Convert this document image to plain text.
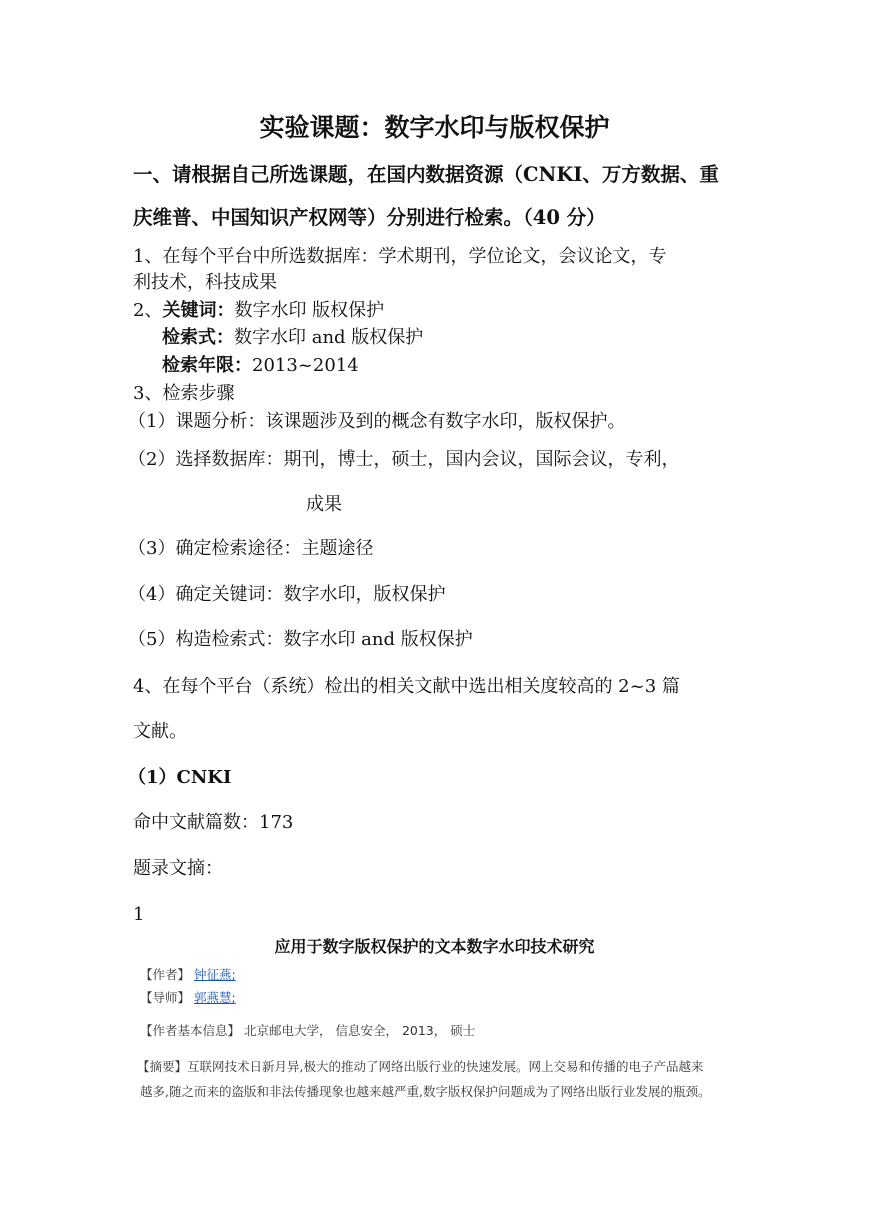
实验课题：数字水印与版权保护
一、请根据自己所选课题，在国内数据资源（CNKI、万方数据、重
庆维普、中国知识产权网等）分别进行检索。（40 分）
1、在每个平台中所选数据库：学术期刊，学位论文，会议论文，专
利技术，科技成果
2、关键词：数字水印 版权保护
检索式：数字水印 and 版权保护
检索年限：2013~2014
3、检索步骤
（1）课题分析：该课题涉及到的概念有数字水印，版权保护。
（2）选择数据库：期刊，博士，硕士，国内会议，国际会议，专利，
成果
（3）确定检索途径：主题途径
（4）确定关键词：数字水印，版权保护
（5）构造检索式：数字水印 and 版权保护
4、在每个平台（系统）检出的相关文献中选出相关度较高的 2~3 篇
文献。
（1）CNKI
命中文献篇数：173
题录文摘：
1
应用于数字版权保护的文本数字水印技术研究
【作者】 钟征燕;
【导师】 郭燕慧;
【作者基本信息】 北京邮电大学， 信息安全， 2013， 硕士
【摘要】互联网技术日新月异,极大的推动了网络出版行业的快速发展。网上交易和传播的电子产品越来
越多,随之而来的盗版和非法传播现象也越来越严重,数字版权保护问题成为了网络出版行业发展的瓶颈。
